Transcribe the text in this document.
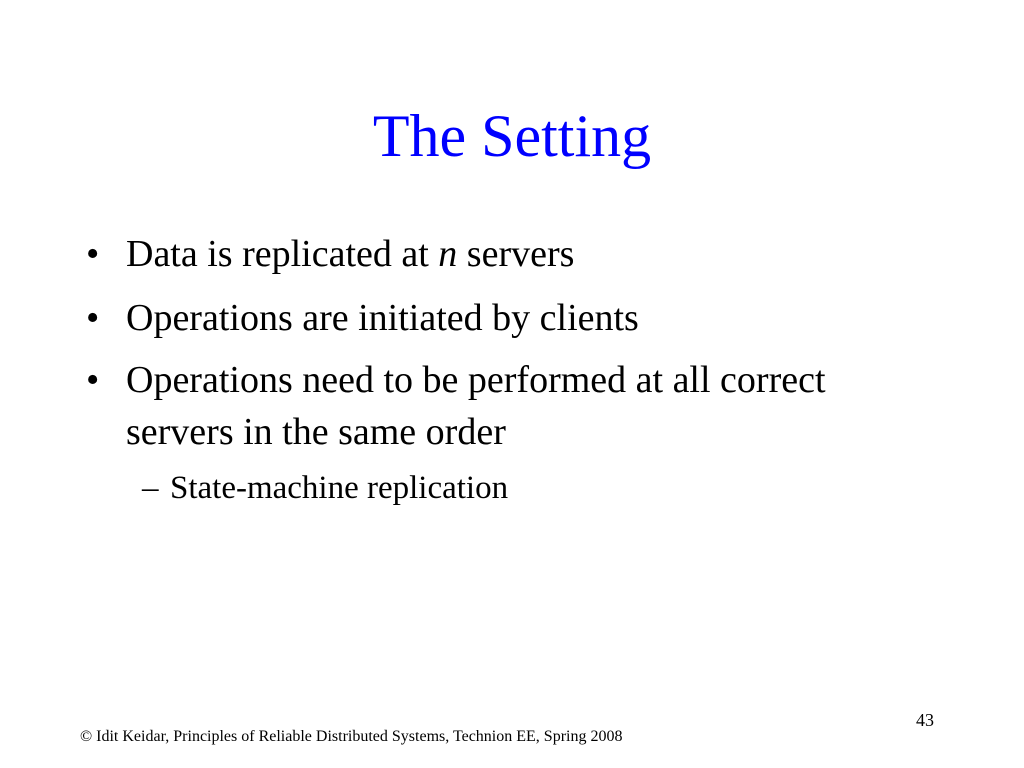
The Setting
• Data is replicated at n servers
• Operations are initiated by clients
• Operations need to be performed at all correct servers in the same order
– State-machine replication
© Idit Keidar, Principles of Reliable Distributed Systems, Technion EE, Spring 2008
43
